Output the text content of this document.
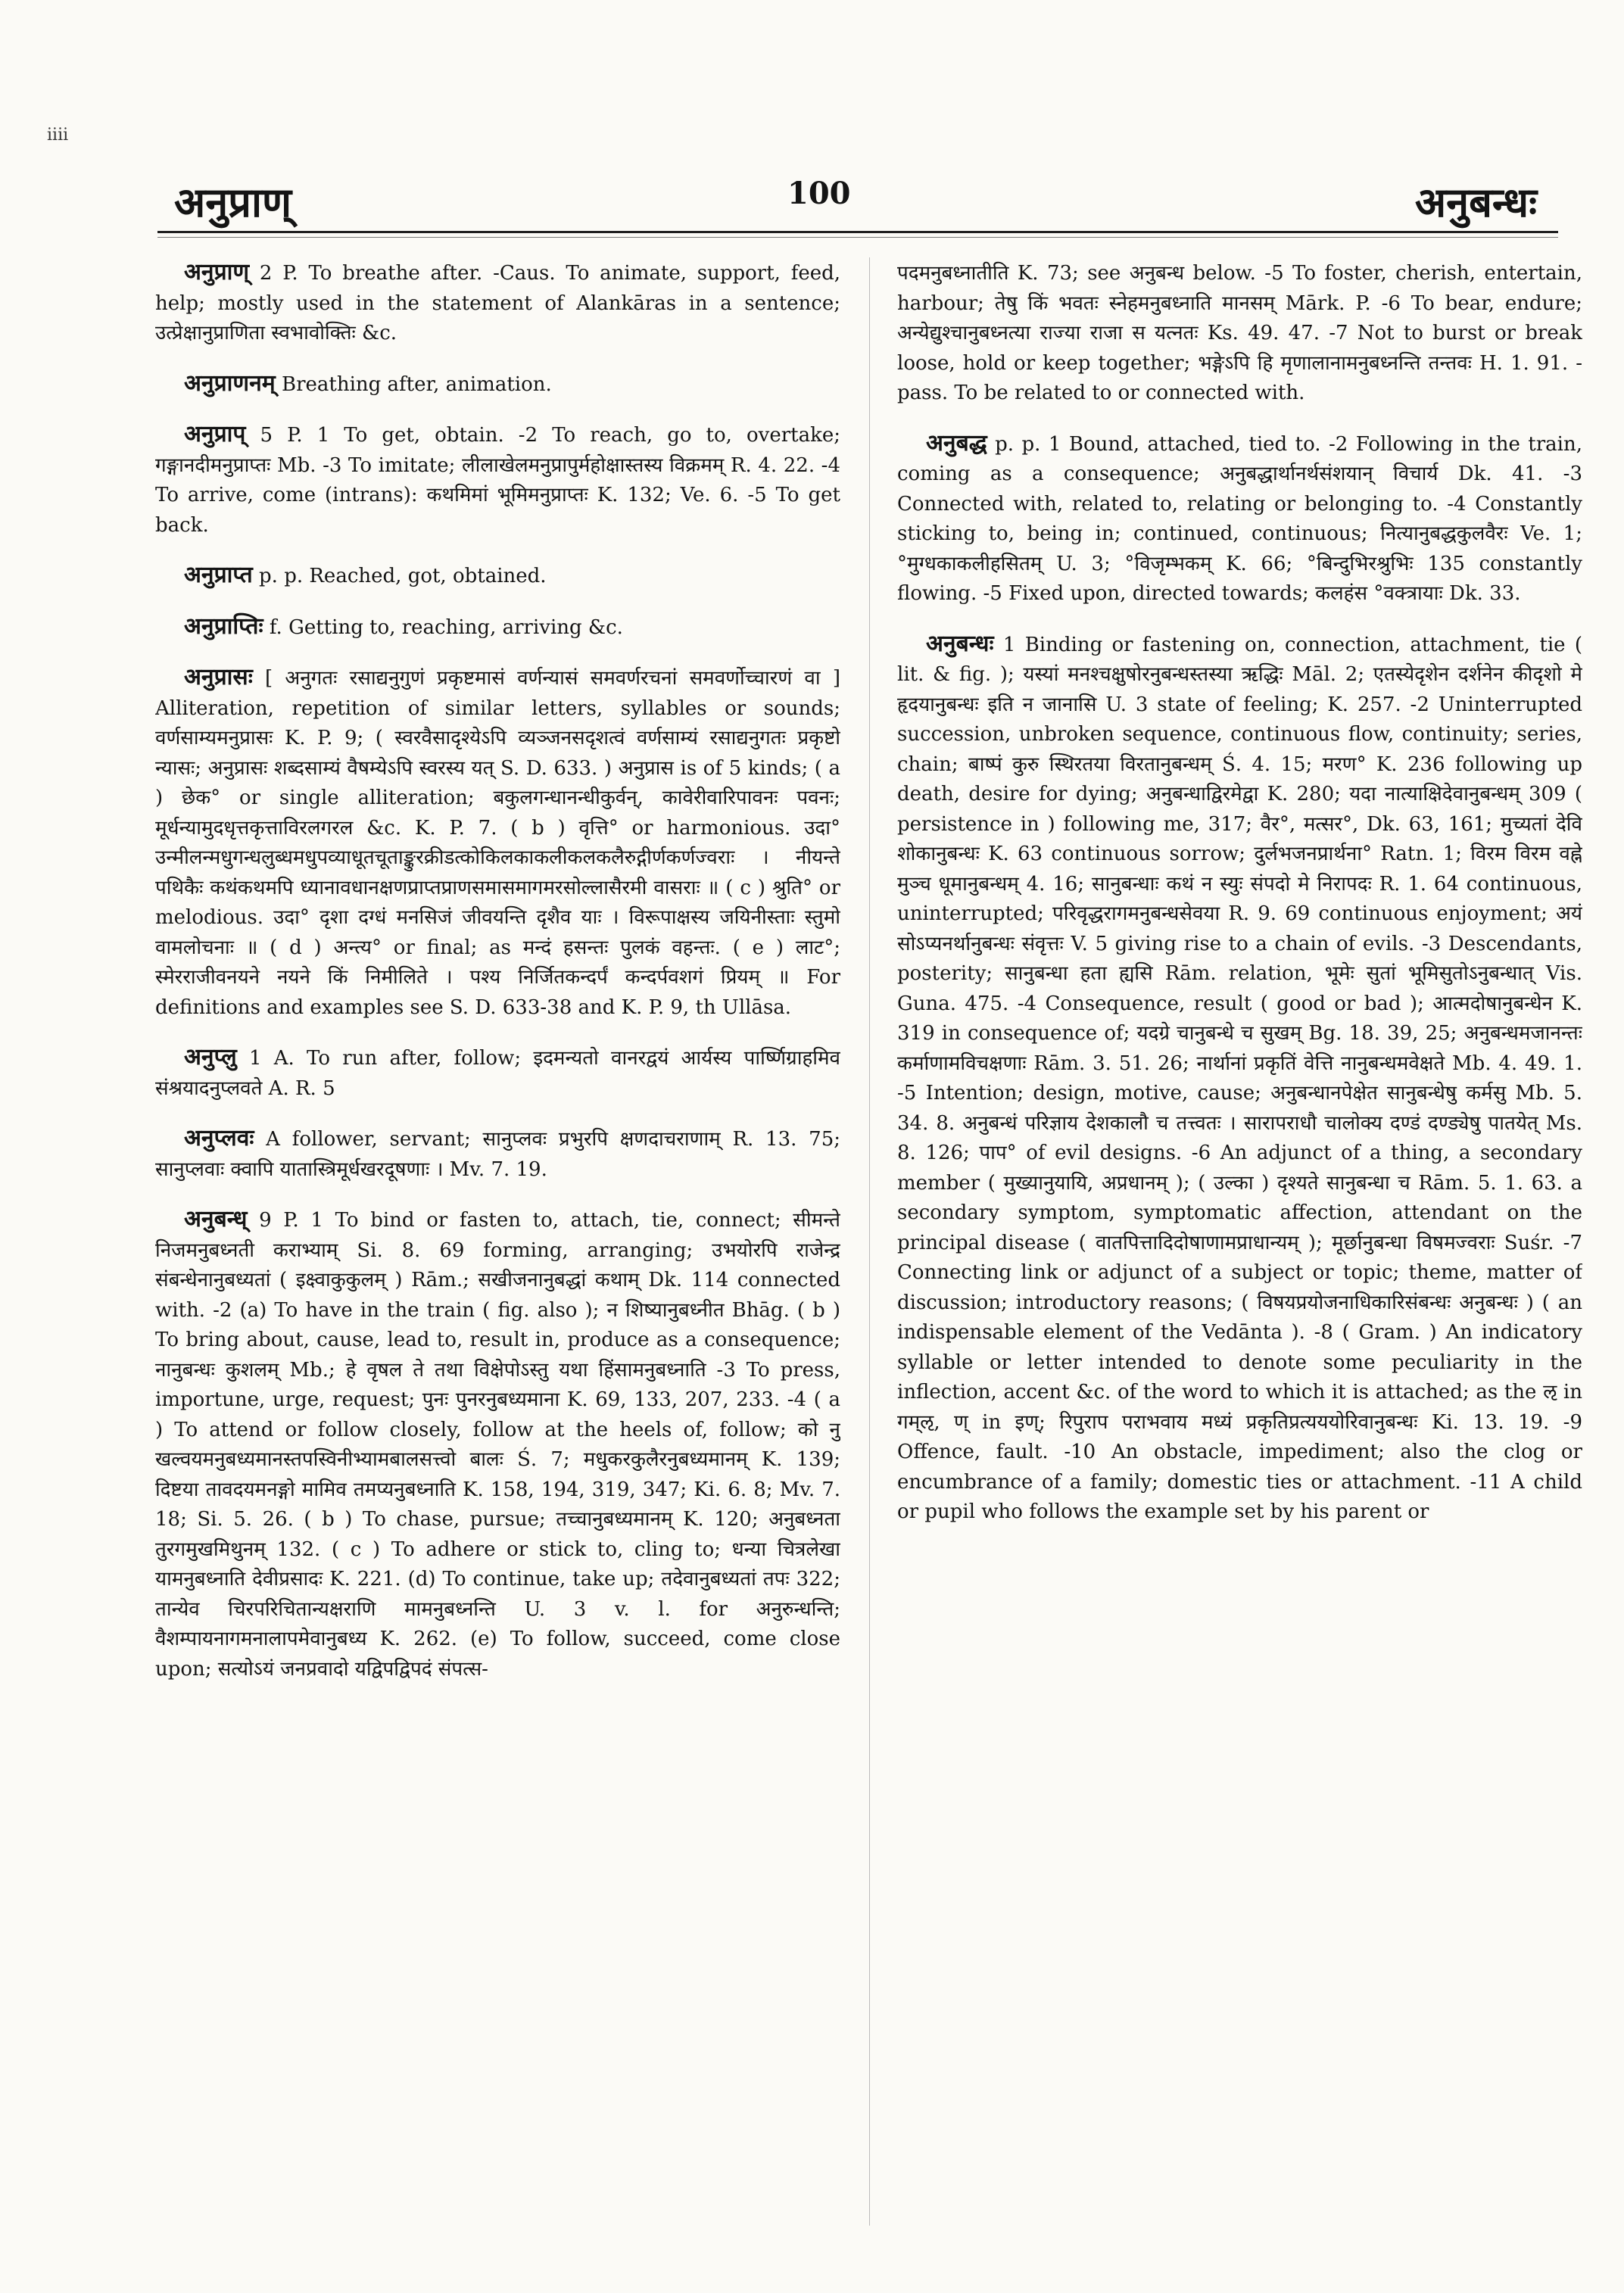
iiii
अनुप्राण्	100	अनुबन्धः

अनुप्राण् 2 P. To breathe after. -Caus. To animate, support, feed, help; mostly used in the statement of Alankāras in a sentence; उत्प्रेक्षानुप्राणिता स्वभावोक्तिः &c.

अनुप्राणनम् Breathing after, animation.

अनुप्राप् 5 P. 1 To get, obtain. -2 To reach, go to, overtake; गङ्गानदीमनुप्राप्तः Mb. -3 To imitate; लीलाखेलमनुप्रापुर्महोक्षास्तस्य विक्रमम् R. 4. 22. -4 To arrive, come (intrans): कथमिमां भूमिमनुप्राप्तः K. 132; Ve. 6. -5 To get back.

अनुप्राप्त p. p. Reached, got, obtained.

अनुप्राप्तिः f. Getting to, reaching, arriving &c.

अनुप्रासः [ अनुगतः रसाद्यनुगुणं प्रकृष्टमासं वर्णन्यासं समवर्णरचनां समवर्णोच्चारणं वा ] Alliteration, repetition of similar letters, syllables or sounds; वर्णसाम्यमनुप्रासः K. P. 9; ( स्वरवैसादृश्येऽपि व्यञ्जनसदृशत्वं वर्णसाम्यं रसाद्यनुगतः प्रकृष्टो न्यासः; अनुप्रासः शब्दसाम्यं वैषम्येऽपि स्वरस्य यत् S. D. 633. ) अनुप्रास is of 5 kinds; ( a ) छेक° or single alliteration; बकुलगन्धानन्धीकुर्वन्, कावेरीवारिपावनः पवनः; मूर्धन्यामुदधृत्तकृत्ताविरलगरल &c. K. P. 7. ( b ) वृत्ति° or harmonious. उदा° उन्मीलन्मधुगन्धलुब्धमधुपव्याधूतचूताङ्कुरक्रीडत्कोकिलकाकलीकलकलैरुद्गीर्णकर्णज्वराः । नीयन्ते पथिकैः कथंकथमपि ध्यानावधानक्षणप्राप्तप्राणसमासमागमरसोल्लासैरमी वासराः ॥ ( c ) श्रुति° or melodious. उदा° दृशा दग्धं मनसिजं जीवयन्ति दृशैव याः । विरूपाक्षस्य जयिनीस्ताः स्तुमो वामलोचनाः ॥ ( d ) अन्त्य° or final; as मन्दं हसन्तः पुलकं वहन्तः. ( e ) लाट°; स्मेरराजीवनयने नयने किं निमीलिते । पश्य निर्जितकन्दर्पं कन्दर्पवशगं प्रियम् ॥ For definitions and examples see S. D. 633-38 and K. P. 9, th Ullāsa.

अनुप्लु 1 A. To run after, follow; इदमन्यतो वानरद्वयं आर्यस्य पार्ष्णिग्राहमिव संश्रयादनुप्लवते A. R. 5

अनुप्लवः A follower, servant; सानुप्लवः प्रभुरपि क्षणदाचराणाम् R. 13. 75; सानुप्लवाः क्वापि यातास्त्रिमूर्धखरदूषणाः । Mv. 7. 19.

अनुबन्ध् 9 P. 1 To bind or fasten to, attach, tie, connect; सीमन्ते निजमनुबध्नती कराभ्याम् Si. 8. 69 forming, arranging; उभयोरपि राजेन्द्र संबन्धेनानुबध्यतां ( इक्ष्वाकुकुलम् ) Rām.; सखीजनानुबद्धां कथाम् Dk. 114 connected with. -2 (a) To have in the train ( fig. also ); न शिष्यानुबध्नीत Bhāg. ( b ) To bring about, cause, lead to, result in, produce as a consequence; नानुबन्धः कुशलम् Mb.; हे वृषल ते तथा विक्षेपोऽस्तु यथा हिंसामनुबध्नाति -3 To press, importune, urge, request; पुनः पुनरनुबध्यमाना K. 69, 133, 207, 233. -4 ( a ) To attend or follow closely, follow at the heels of, follow; को नु खल्वयमनुबध्यमानस्तपस्विनीभ्यामबालसत्त्वो बालः Ś. 7; मधुकरकुलैरनुबध्यमानम् K. 139; दिष्टया तावदयमनङ्गो मामिव तमप्यनुबध्नाति K. 158, 194, 319, 347; Ki. 6. 8; Mv. 7. 18; Si. 5. 26. ( b ) To chase, pursue; तच्चानुबध्यमानम् K. 120; अनुबध्नता तुरगमुखमिथुनम् 132. ( c ) To adhere or stick to, cling to; धन्या चित्रलेखा यामनुबध्नाति देवीप्रसादः K. 221. (d) To continue, take up; तदेवानुबध्यतां तपः 322; तान्येव चिरपरिचितान्यक्षराणि मामनुबध्नन्ति U. 3 v. l. for अनुरुन्धन्ति; वैशम्पायनागमनालापमेवानुबध्य K. 262. (e) To follow, succeed, come close upon; सत्योऽयं जनप्रवादो यद्विपद्विपदं संपत्स-

पदमनुबध्नातीति K. 73; see अनुबन्ध below. -5 To foster, cherish, entertain, harbour; तेषु किं भवतः स्नेहमनुबध्नाति मानसम् Mārk. P. -6 To bear, endure; अन्येद्युश्चानुबध्नत्या राज्या राजा स यत्नतः Ks. 49. 47. -7 Not to burst or break loose, hold or keep together; भङ्गेऽपि हि मृणालानामनुबध्नन्ति तन्तवः H. 1. 91. -pass. To be related to or connected with.

अनुबद्ध p. p. 1 Bound, attached, tied to. -2 Following in the train, coming as a consequence; अनुबद्धार्थानर्थसंशयान् विचार्य Dk. 41. -3 Connected with, related to, relating or belonging to. -4 Constantly sticking to, being in; continued, continuous; नित्यानुबद्धकुलवैरः Ve. 1; °मुग्धकाकलीहसितम् U. 3; °विजृम्भकम् K. 66; °बिन्दुभिरश्रुभिः 135 constantly flowing. -5 Fixed upon, directed towards; कलहंस °वक्त्रायाः Dk. 33.

अनुबन्धः 1 Binding or fastening on, connection, attachment, tie ( lit. & fig. ); यस्यां मनश्चक्षुषोरनुबन्धस्तस्या ऋद्धिः Māl. 2; एतस्येदृशेन दर्शनेन कीदृशो मे हृदयानुबन्धः इति न जानासि U. 3 state of feeling; K. 257. -2 Uninterrupted succession, unbroken sequence, continuous flow, continuity; series, chain; बाष्पं कुरु स्थिरतया विरतानुबन्धम् Ś. 4. 15; मरण° K. 236 following up death, desire for dying; अनुबन्धाद्विरमेद्वा K. 280; यदा नात्याक्षिदेवानुबन्धम् 309 ( persistence in ) following me, 317; वैर°, मत्सर°, Dk. 63, 161; मुच्यतां देवि शोकानुबन्धः K. 63 continuous sorrow; दुर्लभजनप्रार्थना° Ratn. 1; विरम विरम वह्ने मुञ्च धूमानुबन्धम् 4. 16; सानुबन्धाः कथं न स्युः संपदो मे निरापदः R. 1. 64 continuous, uninterrupted; परिवृद्धरागमनुबन्धसेवया R. 9. 69 continuous enjoyment; अयं सोऽप्यनर्थानुबन्धः संवृत्तः V. 5 giving rise to a chain of evils. -3 Descendants, posterity; सानुबन्धा हता ह्यसि Rām. relation, भूमेः सुतां भूमिसुतोऽनुबन्धात् Vis. Guna. 475. -4 Consequence, result ( good or bad ); आत्मदोषानुबन्धेन K. 319 in consequence of; यदग्रे चानुबन्धे च सुखम् Bg. 18. 39, 25; अनुबन्धमजानन्तः कर्माणामविचक्षणाः Rām. 3. 51. 26; नार्थानां प्रकृतिं वेत्ति नानुबन्धमवेक्षते Mb. 4. 49. 1. -5 Intention; design, motive, cause; अनुबन्धानपेक्षेत सानुबन्धेषु कर्मसु Mb. 5. 34. 8. अनुबन्धं परिज्ञाय देशकालौ च तत्त्वतः । सारापराधौ चालोक्य दण्डं दण्ड्येषु पातयेत् Ms. 8. 126; पाप° of evil designs. -6 An adjunct of a thing, a secondary member ( मुख्यानुयायि, अप्रधानम् ); ( उल्का ) दृश्यते सानुबन्धा च Rām. 5. 1. 63. a secondary symptom, symptomatic affection, attendant on the principal disease ( वातपित्तादिदोषाणामप्राधान्यम् ); मूर्छानुबन्धा विषमज्वराः Suśr. -7 Connecting link or adjunct of a subject or topic; theme, matter of discussion; introductory reasons; ( विषयप्रयोजनाधिकारिसंबन्धः अनुबन्धः ) ( an indispensable element of the Vedānta ). -8 ( Gram. ) An indicatory syllable or letter intended to denote some peculiarity in the inflection, accent &c. of the word to which it is attached; as the ऌ in गम्ऌ, ण् in इण्; रिपुराप पराभवाय मध्यं प्रकृतिप्रत्यययोरिवानुबन्धः Ki. 13. 19. -9 Offence, fault. -10 An obstacle, impediment; also the clog or encumbrance of a family; domestic ties or attachment. -11 A child or pupil who follows the example set by his parent or
